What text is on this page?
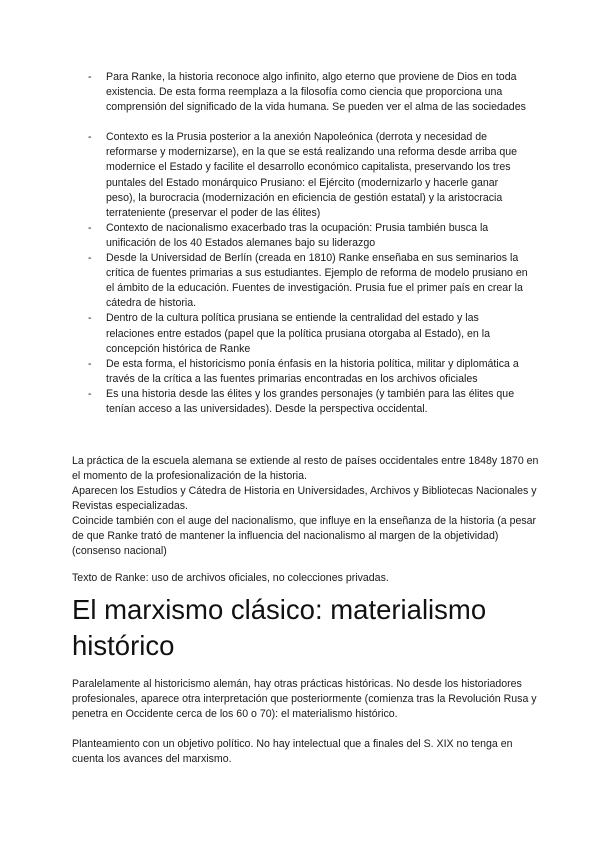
- Para Ranke, la historia reconoce algo infinito, algo eterno que proviene de Dios en toda existencia. De esta forma reemplaza a la filosofía como ciencia que proporciona una comprensión del significado de la vida humana. Se pueden ver el alma de las sociedades
- Contexto es la Prusia posterior a la anexión Napoleónica (derrota y necesidad de reformarse y modernizarse), en la que se está realizando una reforma desde arriba que modernice el Estado y facilite el desarrollo económico capitalista, preservando los tres puntales del Estado monárquico Prusiano: el Ejército (modernizarlo y hacerle ganar peso), la burocracia (modernización en eficiencia de gestión estatal) y la aristocracia terrateniente (preservar el poder de las élites)
- Contexto de nacionalismo exacerbado tras la ocupación: Prusia también busca la unificación de los 40 Estados alemanes bajo su liderazgo
- Desde la Universidad de Berlín (creada en 1810) Ranke enseñaba en sus seminarios la crítica de fuentes primarias a sus estudiantes. Ejemplo de reforma de modelo prusiano en el ámbito de la educación. Fuentes de investigación. Prusia fue el primer país en crear la cátedra de historia.
- Dentro de la cultura política prusiana se entiende la centralidad del estado y las relaciones entre estados (papel que la política prusiana otorgaba al Estado), en la concepción histórica de Ranke
- De esta forma, el historicismo ponía énfasis en la historia política, militar y diplomática a través de la crítica a las fuentes primarias encontradas en los archivos oficiales
- Es una historia desde las élites y los grandes personajes (y también para las élites que tenían acceso a las universidades). Desde la perspectiva occidental.

La práctica de la escuela alemana se extiende al resto de países occidentales entre 1848y 1870 en el momento de la profesionalización de la historia.

Aparecen los Estudios y Cátedra de Historia en Universidades, Archivos y Bibliotecas Nacionales y Revistas especializadas.

Coincide también con el auge del nacionalismo, que influye en la enseñanza de la historia (a pesar de que Ranke trató de mantener la influencia del nacionalismo al margen de la objetividad) (consenso nacional)

Texto de Ranke: uso de archivos oficiales, no colecciones privadas.

El marxismo clásico: materialismo histórico

Paralelamente al historicismo alemán, hay otras prácticas históricas. No desde los historiadores profesionales, aparece otra interpretación que posteriormente (comienza tras la Revolución Rusa y penetra en Occidente cerca de los 60 o 70): el materialismo histórico.

Planteamiento con un objetivo político. No hay intelectual que a finales del S. XIX no tenga en cuenta los avances del marxismo.
